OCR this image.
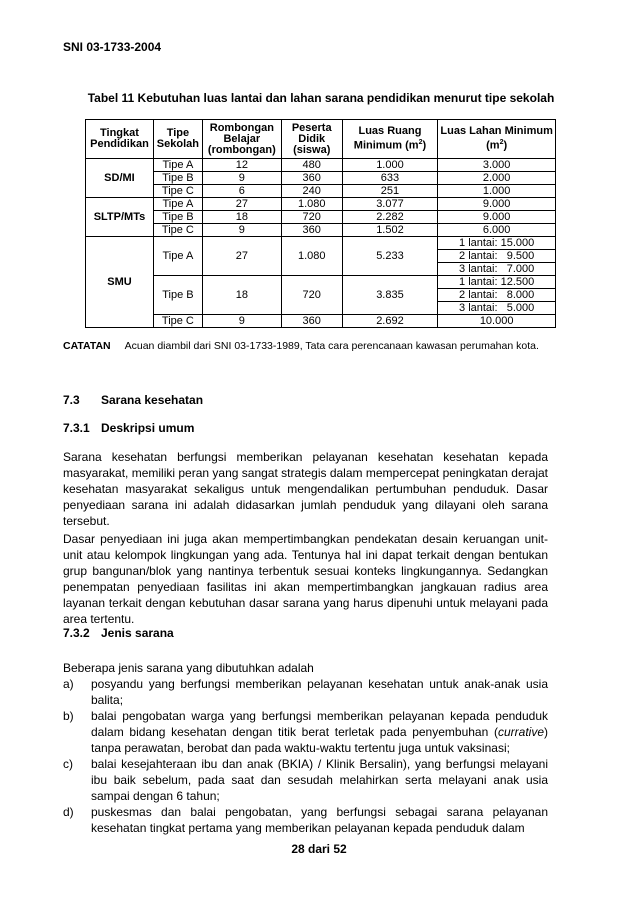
SNI 03-1733-2004
Tabel 11 Kebutuhan luas lantai dan lahan sarana pendidikan menurut tipe sekolah
Tingkat Pendidikan	Tipe Sekolah	Rombongan Belajar (rombongan)	Peserta Didik (siswa)	Luas Ruang Minimum $(m^2)$	Luas Lahan Minimum $(m^2)$
SD/MI	Tipe A	12	480	1.000	3.000
	Tipe B	9	360	633	2.000
	Tipe C	6	240	251	1.000
SLTP/MTs	Tipe A	27	1.080	3.077	9.000
	Tipe B	18	720	2.282	9.000
	Tipe C	9	360	1.502	6.000
SMU	Tipe A	27	1.080	5.233	1 lantai: 15.000
					2 lantai:   9.500
					3 lantai:   7.000
	Tipe B	18	720	3.835	1 lantai: 12.500
					2 lantai:   8.000
					3 lantai:   5.000
	Tipe C	9	360	2.692	10.000
CATATAN Acuan diambil dari SNI 03-1733-1989, Tata cara perencanaan kawasan perumahan kota.
7.3 Sarana kesehatan
7.3.1 Deskripsi umum
Sarana kesehatan berfungsi memberikan pelayanan kesehatan kesehatan kepada masyarakat, memiliki peran yang sangat strategis dalam mempercepat peningkatan derajat kesehatan masyarakat sekaligus untuk mengendalikan pertumbuhan penduduk. Dasar penyediaan sarana ini adalah didasarkan jumlah penduduk yang dilayani oleh sarana tersebut.
Dasar penyediaan ini juga akan mempertimbangkan pendekatan desain keruangan unit-unit atau kelompok lingkungan yang ada. Tentunya hal ini dapat terkait dengan bentukan grup bangunan/blok yang nantinya terbentuk sesuai konteks lingkungannya. Sedangkan penempatan penyediaan fasilitas ini akan mempertimbangkan jangkauan radius area layanan terkait dengan kebutuhan dasar sarana yang harus dipenuhi untuk melayani pada area tertentu.
7.3.2 Jenis sarana
Beberapa jenis sarana yang dibutuhkan adalah
a)	posyandu yang berfungsi memberikan pelayanan kesehatan untuk anak-anak usia balita;
b)	balai pengobatan warga yang berfungsi memberikan pelayanan kepada penduduk dalam bidang kesehatan dengan titik berat terletak pada penyembuhan (currative) tanpa perawatan, berobat dan pada waktu-waktu tertentu juga untuk vaksinasi;
c)	balai kesejahteraan ibu dan anak (BKIA) / Klinik Bersalin), yang berfungsi melayani ibu baik sebelum, pada saat dan sesudah melahirkan serta melayani anak usia sampai dengan 6 tahun;
d)	puskesmas dan balai pengobatan, yang berfungsi sebagai sarana pelayanan kesehatan tingkat pertama yang memberikan pelayanan kepada penduduk dalam
28 dari 52
